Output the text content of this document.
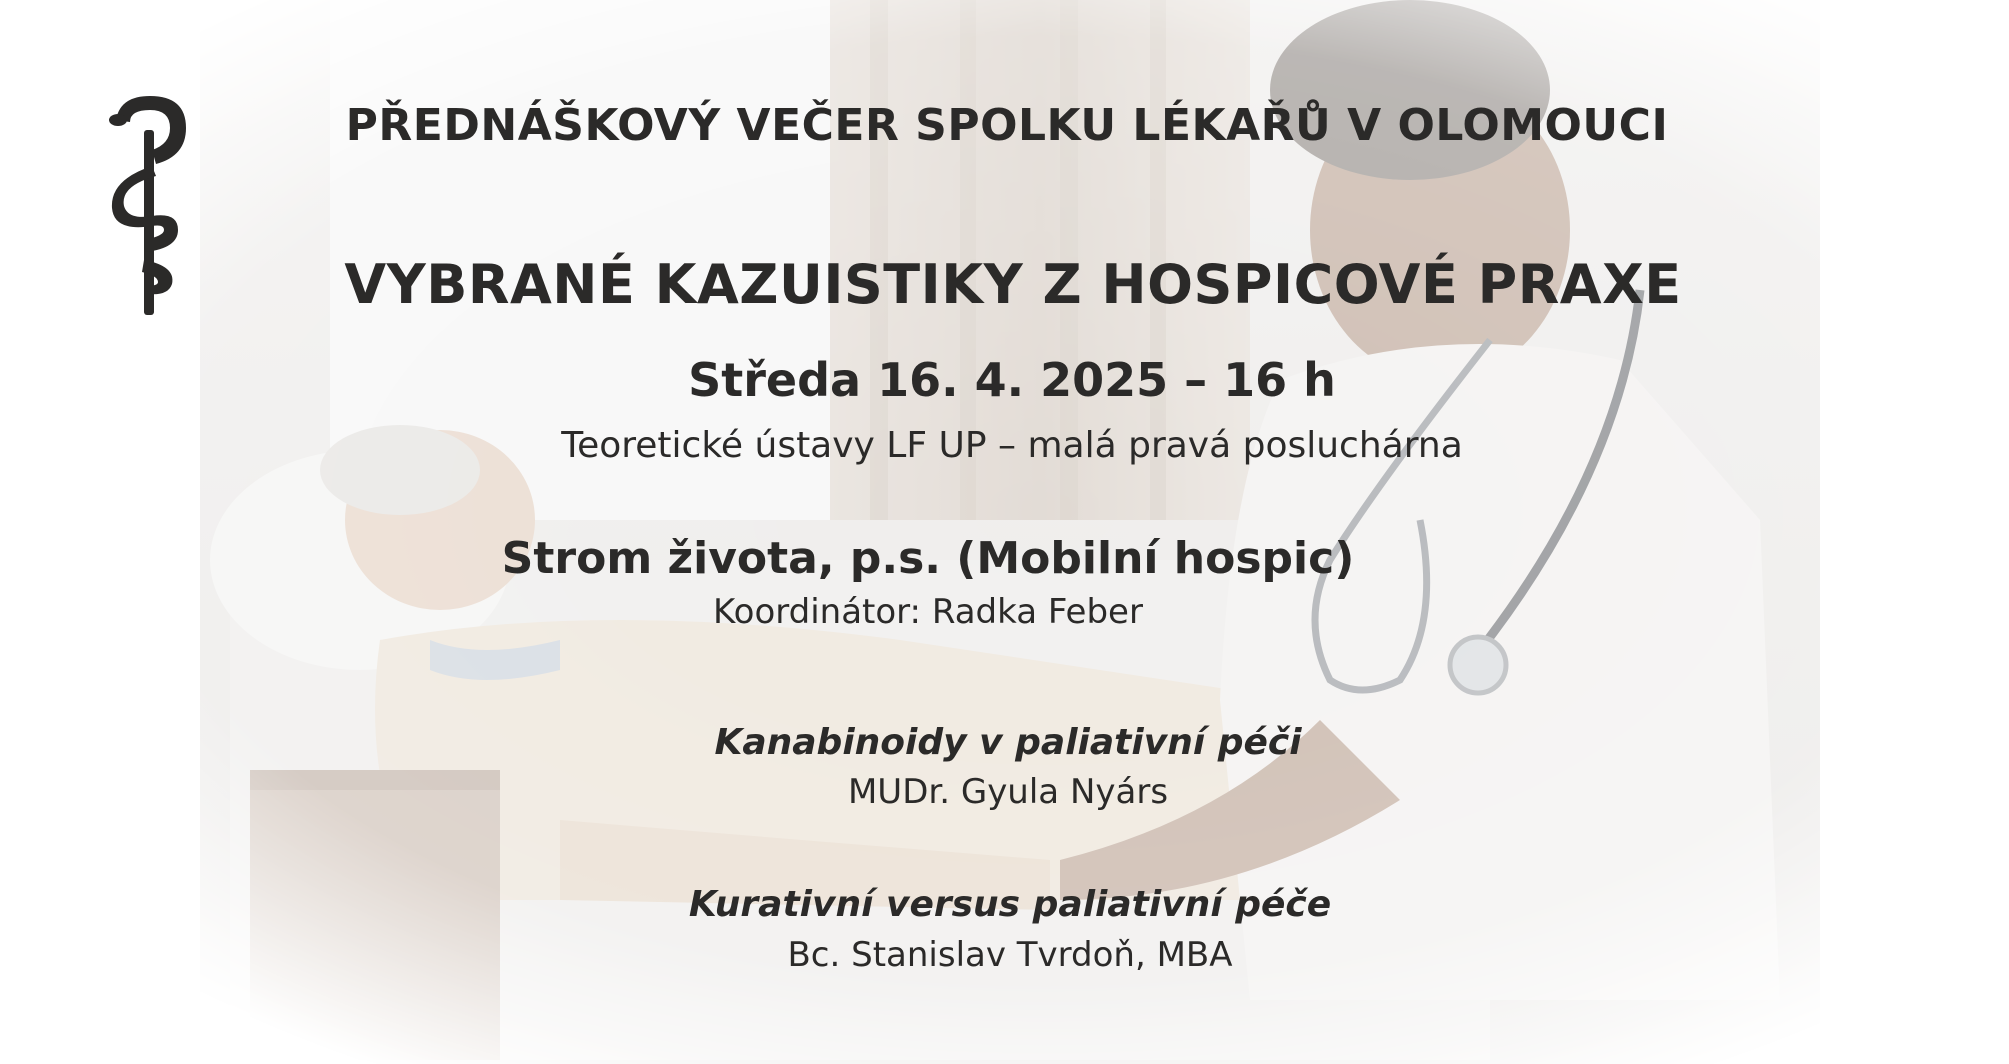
PŘEDNÁŠKOVÝ VEČER SPOLKU LÉKAŘŮ V OLOMOUCI
VYBRANÉ KAZUISTIKY Z HOSPICOVÉ PRAXE
Středa 16. 4. 2025 – 16 h
Teoretické ústavy LF UP – malá pravá posluchárna
Strom života, p.s. (Mobilní hospic)
Koordinátor: Radka Feber
Kanabinoidy v paliativní péči
MUDr. Gyula Nyárs
Kurativní versus paliativní péče
Bc. Stanislav Tvrdoň, MBA
